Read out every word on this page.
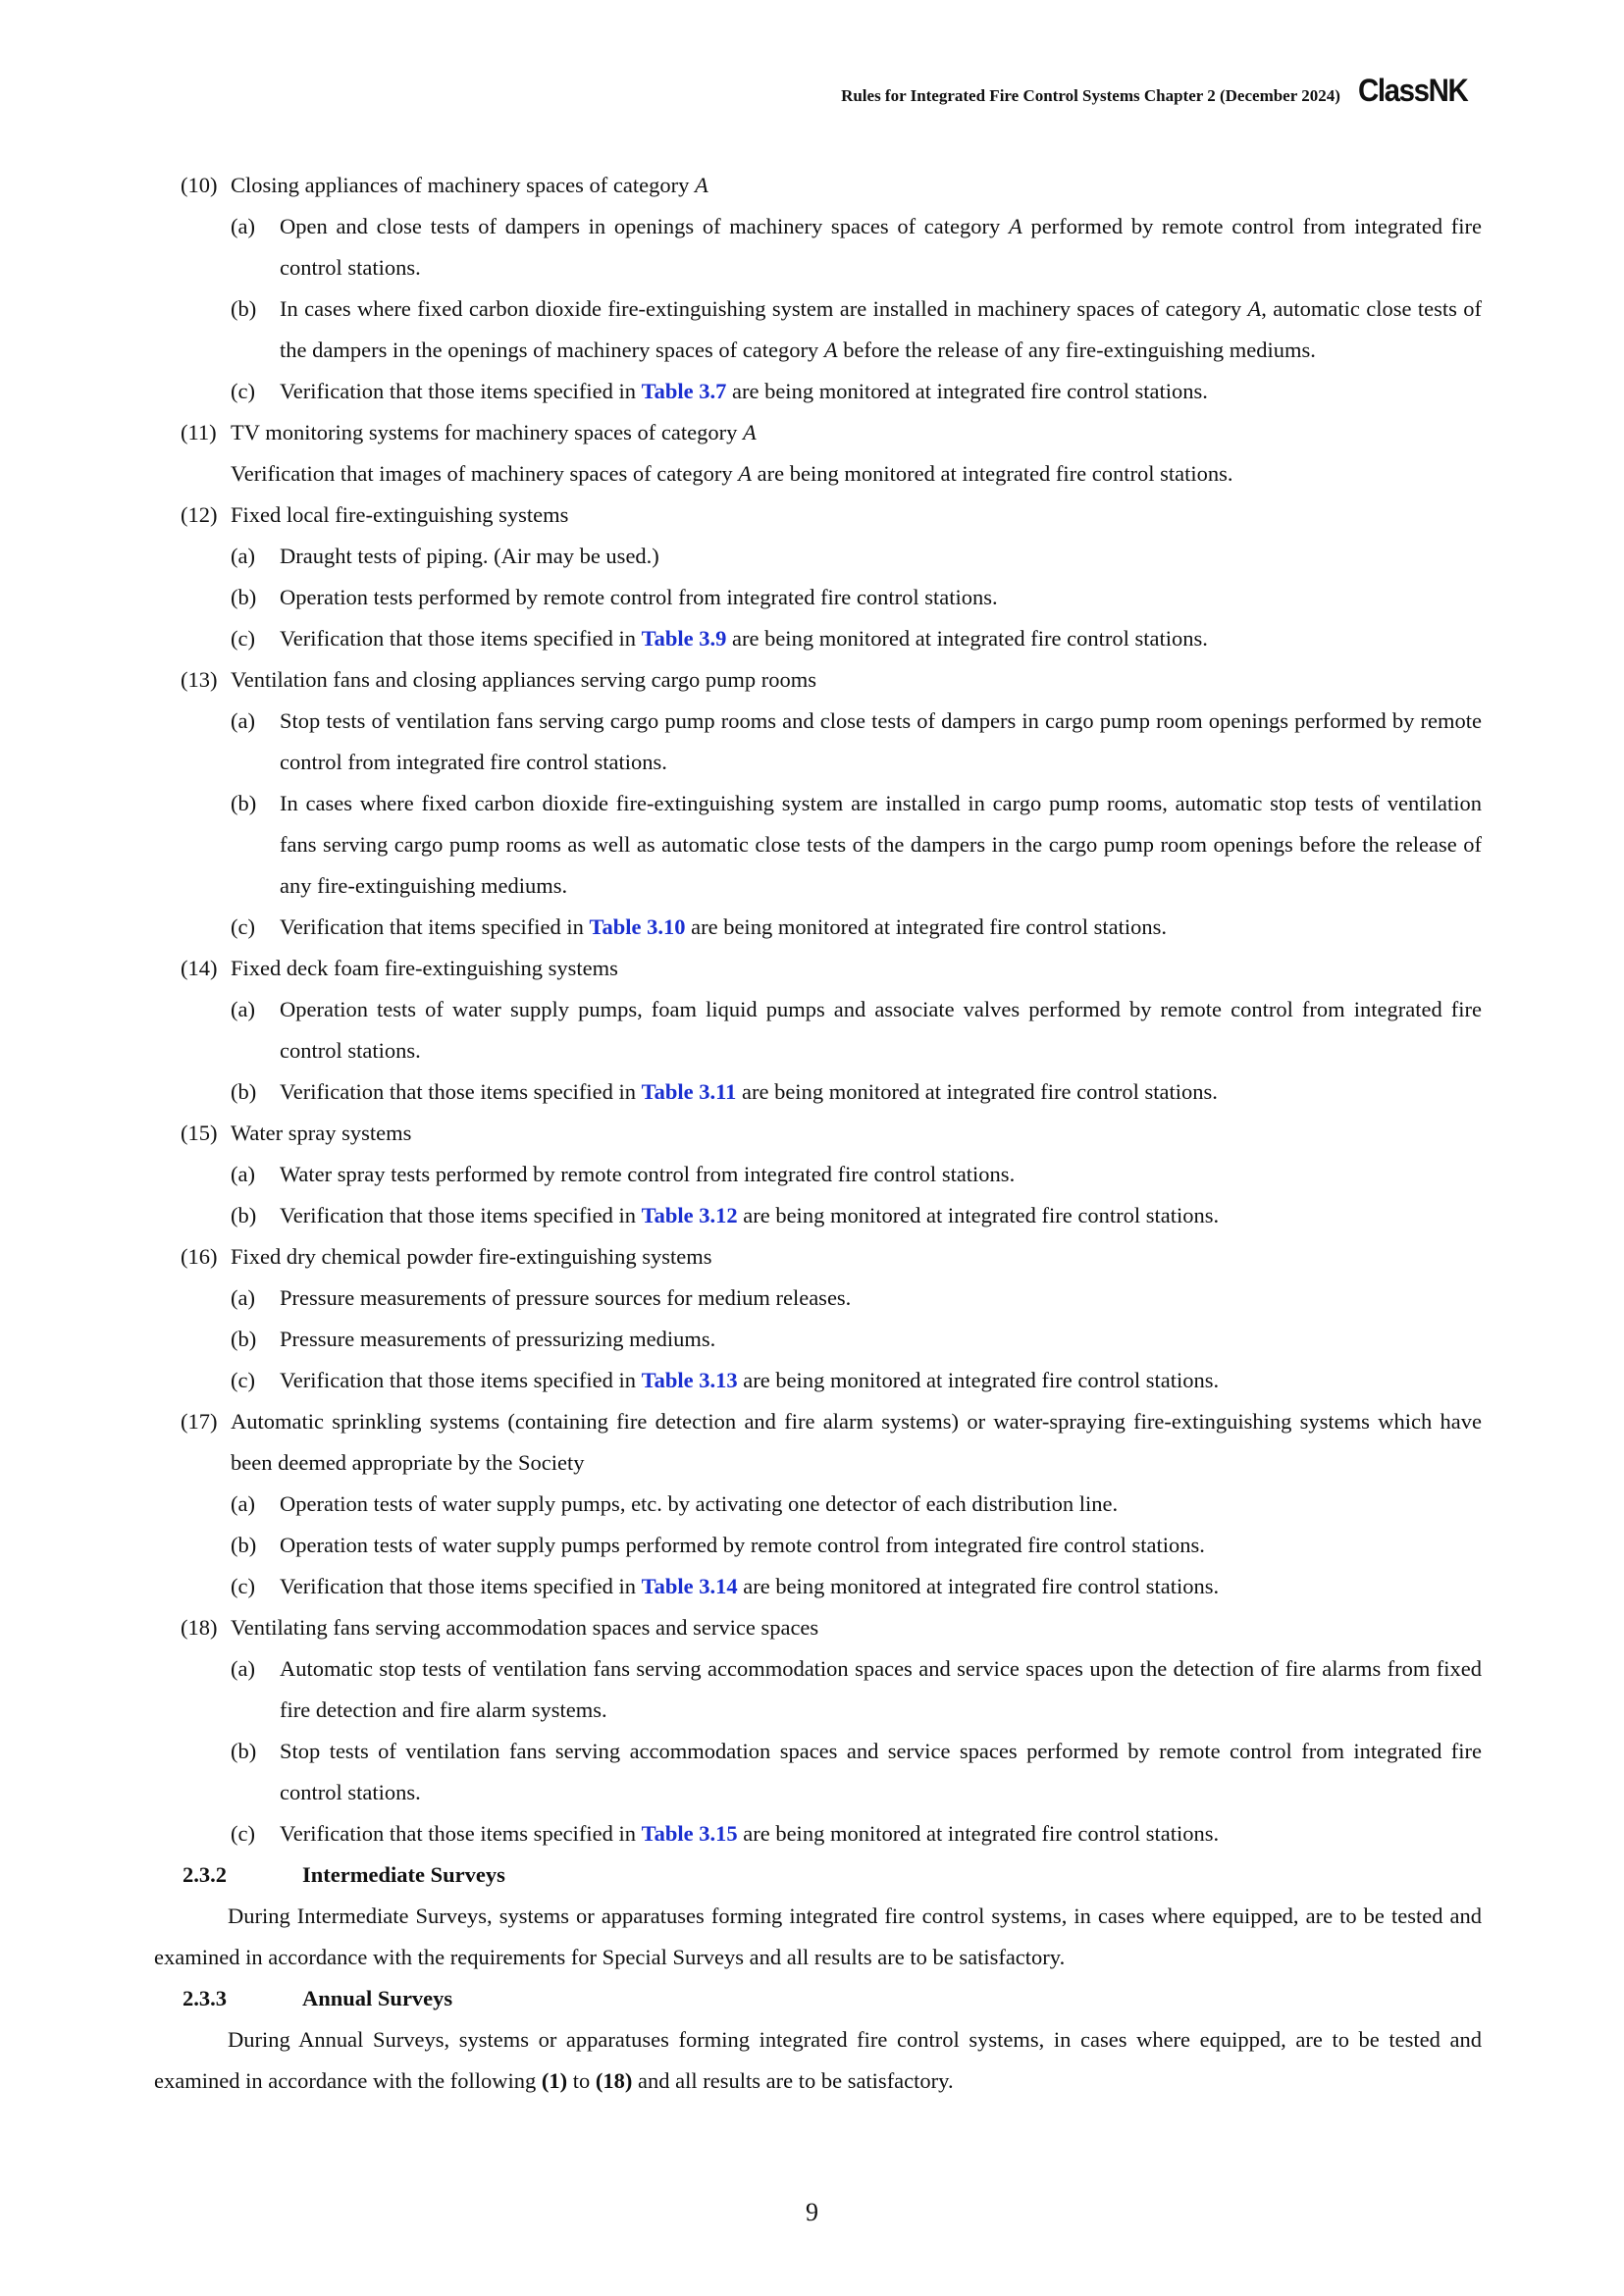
Rules for Integrated Fire Control Systems Chapter 2 (December 2024) ClassNK
(10) Closing appliances of machinery spaces of category A
(a) Open and close tests of dampers in openings of machinery spaces of category A performed by remote control from integrated fire control stations.
(b) In cases where fixed carbon dioxide fire-extinguishing system are installed in machinery spaces of category A, automatic close tests of the dampers in the openings of machinery spaces of category A before the release of any fire-extinguishing mediums.
(c) Verification that those items specified in Table 3.7 are being monitored at integrated fire control stations.
(11) TV monitoring systems for machinery spaces of category A
Verification that images of machinery spaces of category A are being monitored at integrated fire control stations.
(12) Fixed local fire-extinguishing systems
(a) Draught tests of piping. (Air may be used.)
(b) Operation tests performed by remote control from integrated fire control stations.
(c) Verification that those items specified in Table 3.9 are being monitored at integrated fire control stations.
(13) Ventilation fans and closing appliances serving cargo pump rooms
(a) Stop tests of ventilation fans serving cargo pump rooms and close tests of dampers in cargo pump room openings performed by remote control from integrated fire control stations.
(b) In cases where fixed carbon dioxide fire-extinguishing system are installed in cargo pump rooms, automatic stop tests of ventilation fans serving cargo pump rooms as well as automatic close tests of the dampers in the cargo pump room openings before the release of any fire-extinguishing mediums.
(c) Verification that items specified in Table 3.10 are being monitored at integrated fire control stations.
(14) Fixed deck foam fire-extinguishing systems
(a) Operation tests of water supply pumps, foam liquid pumps and associate valves performed by remote control from integrated fire control stations.
(b) Verification that those items specified in Table 3.11 are being monitored at integrated fire control stations.
(15) Water spray systems
(a) Water spray tests performed by remote control from integrated fire control stations.
(b) Verification that those items specified in Table 3.12 are being monitored at integrated fire control stations.
(16) Fixed dry chemical powder fire-extinguishing systems
(a) Pressure measurements of pressure sources for medium releases.
(b) Pressure measurements of pressurizing mediums.
(c) Verification that those items specified in Table 3.13 are being monitored at integrated fire control stations.
(17) Automatic sprinkling systems (containing fire detection and fire alarm systems) or water-spraying fire-extinguishing systems which have been deemed appropriate by the Society
(a) Operation tests of water supply pumps, etc. by activating one detector of each distribution line.
(b) Operation tests of water supply pumps performed by remote control from integrated fire control stations.
(c) Verification that those items specified in Table 3.14 are being monitored at integrated fire control stations.
(18) Ventilating fans serving accommodation spaces and service spaces
(a) Automatic stop tests of ventilation fans serving accommodation spaces and service spaces upon the detection of fire alarms from fixed fire detection and fire alarm systems.
(b) Stop tests of ventilation fans serving accommodation spaces and service spaces performed by remote control from integrated fire control stations.
(c) Verification that those items specified in Table 3.15 are being monitored at integrated fire control stations.
2.3.2	Intermediate Surveys
During Intermediate Surveys, systems or apparatuses forming integrated fire control systems, in cases where equipped, are to be tested and examined in accordance with the requirements for Special Surveys and all results are to be satisfactory.
2.3.3	Annual Surveys
During Annual Surveys, systems or apparatuses forming integrated fire control systems, in cases where equipped, are to be tested and examined in accordance with the following (1) to (18) and all results are to be satisfactory.
9
